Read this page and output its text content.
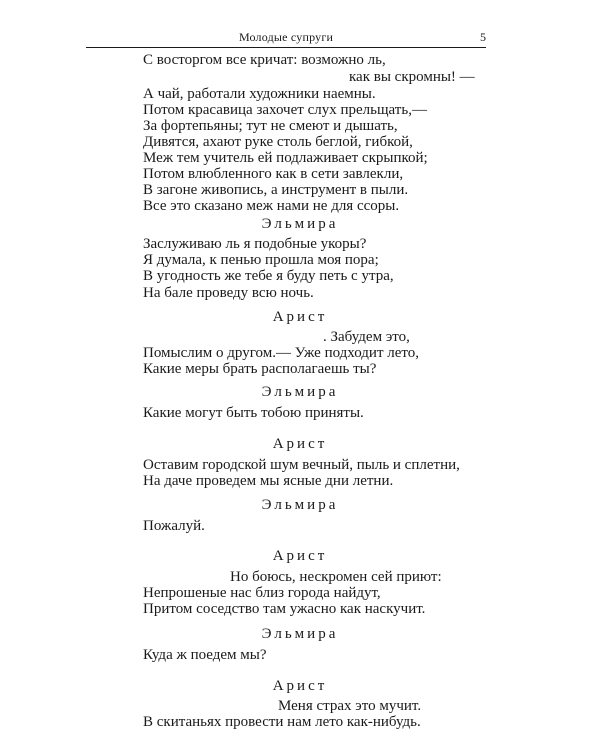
Молодые супруги	5
С восторгом все кричат: возможно ль,
как вы скромны! —
А чай, работали художники наемны.
Потом красавица захочет слух прельщать,—
За фортепьяны; тут не смеют и дышать,
Дивятся, ахают руке столь беглой, гибкой,
Меж тем учитель ей подлаживает скрыпкой;
Потом влюбленного как в сети завлекли,
В загоне живопись, а инструмент в пыли.
Все это сказано меж нами не для ссоры.
Эльмира
Заслуживаю ль я подобные укоры?
Я думала, к пенью прошла моя пора;
В угодность же тебе я буду петь с утра,
На бале проведу всю ночь.
Арист
. Забудем это,
Помыслим о другом.— Уже подходит лето,
Какие меры брать располагаешь ты?
Эльмира
Какие могут быть тобою приняты.
Арист
Оставим городской шум вечный, пыль и сплетни,
На даче проведем мы ясные дни летни.
Эльмира
Пожалуй.
Арист
Но боюсь, нескромен сей приют:
Непрошеные нас близ города найдут,
Притом соседство там ужасно как наскучит.
Эльмира
Куда ж поедем мы?
Арист
Меня страх это мучит.
В скитаньях провести нам лето как-нибудь.
